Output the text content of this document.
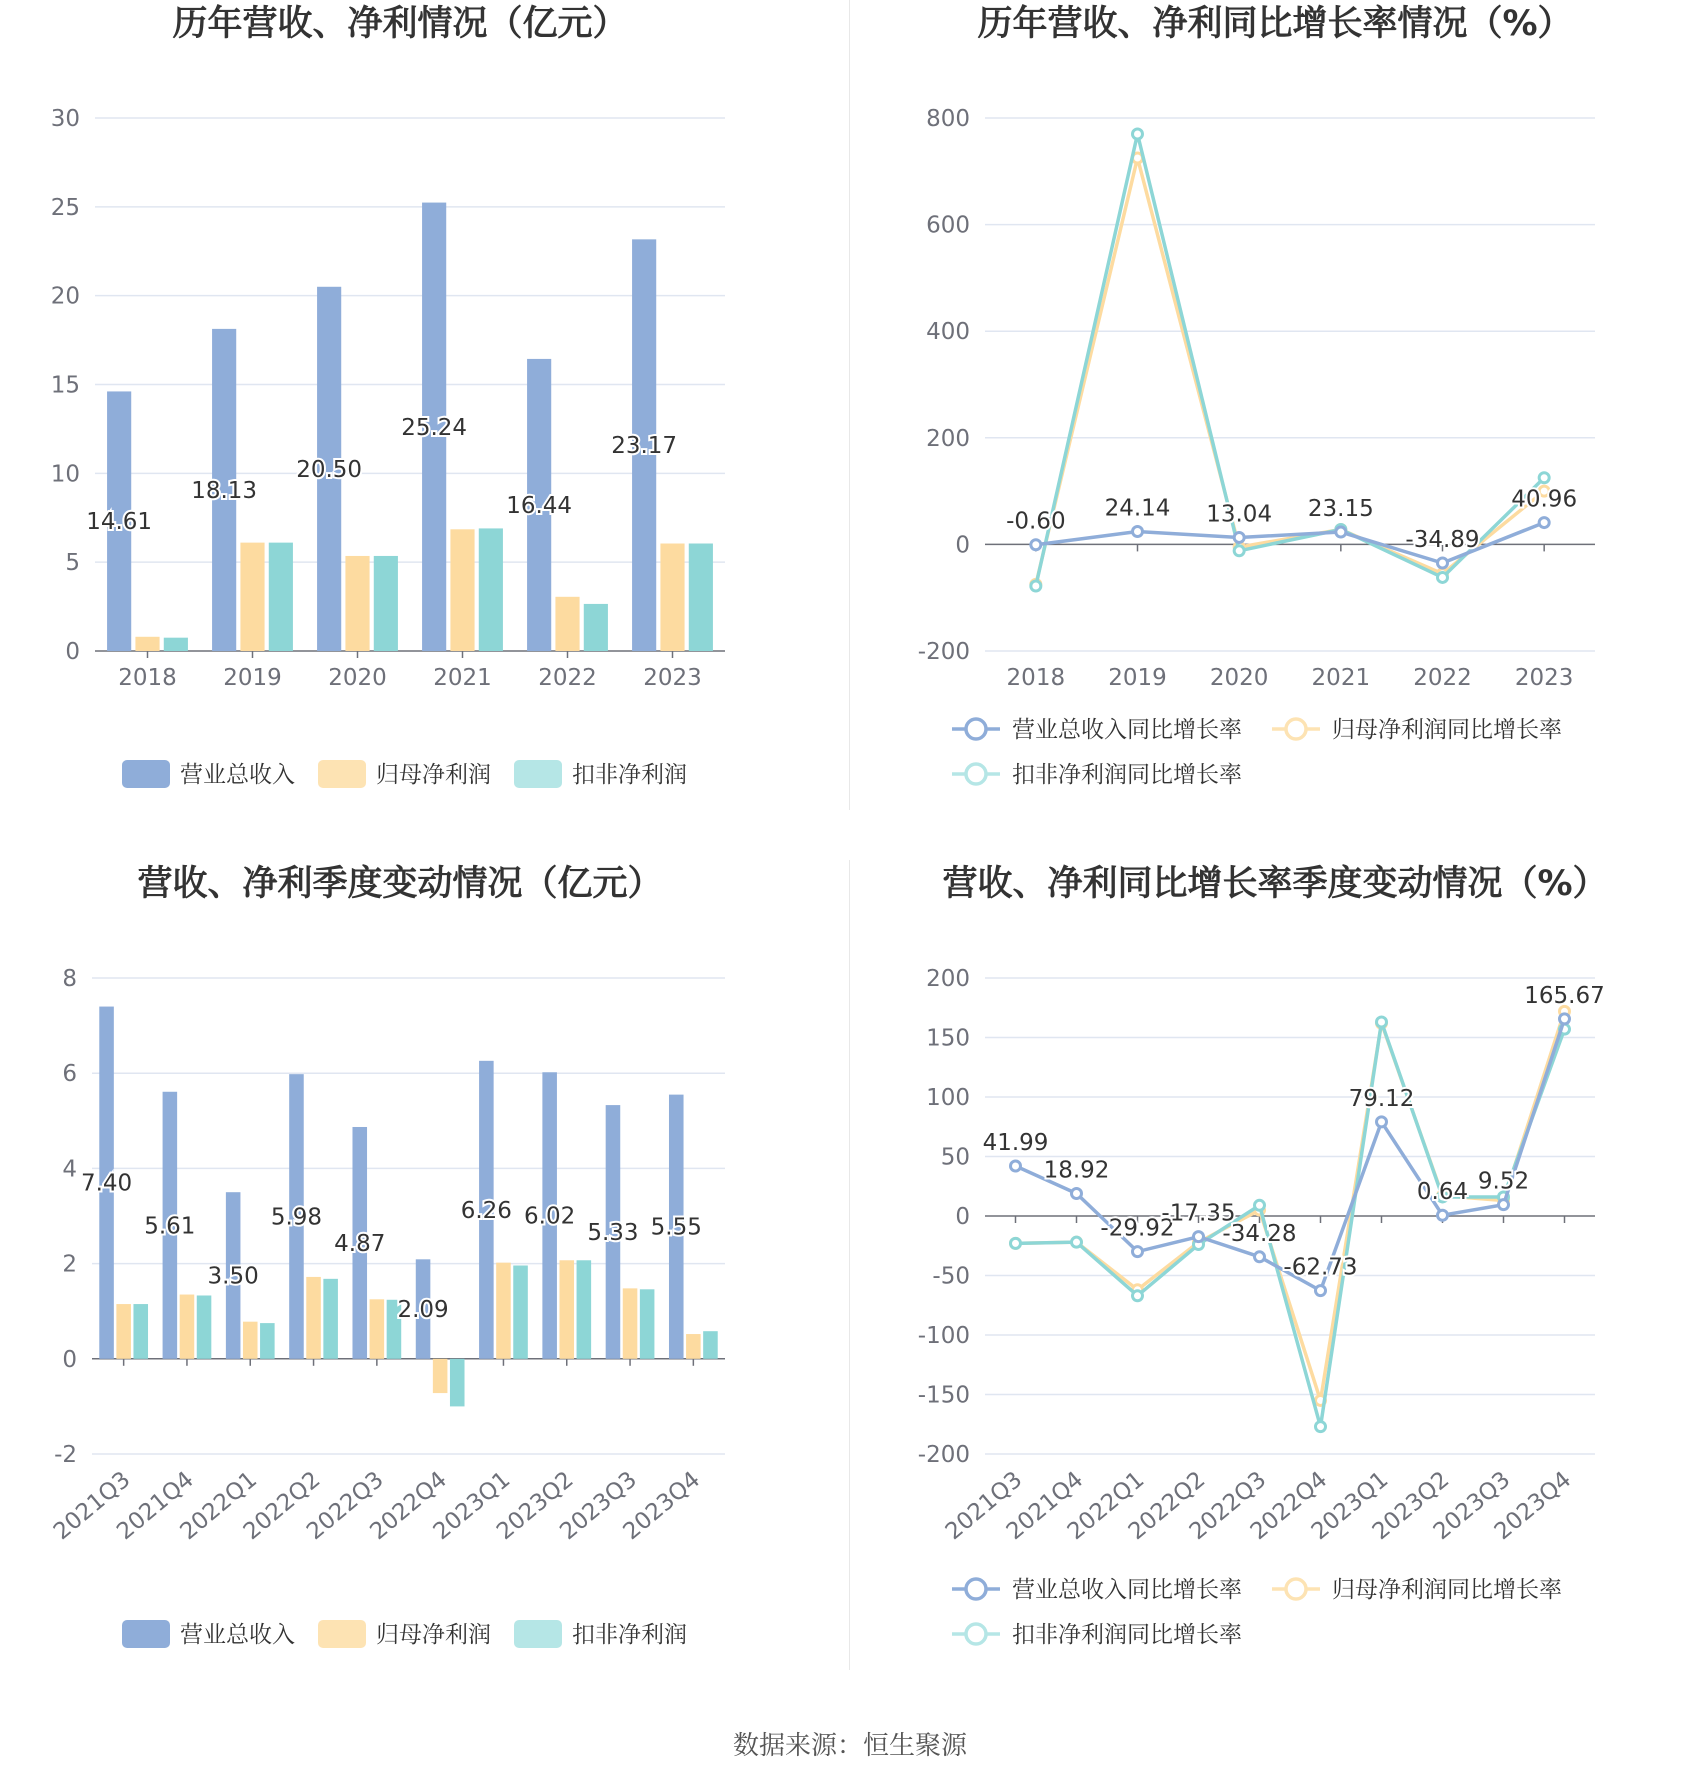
历年营收、净利情况（亿元）
0
5
10
15
20
25
30
2018 2019 2020 2021 2022 2023
14.61
18.13
20.50
25.24
16.44
23.17
营业总收入	归母净利润	扣非净利润
历年营收、净利同比增长率情况（%）
-200
0
200
400
600
800
2018 2019 2020 2021 2022 2023
-0.60
24.14 13.04 23.15
-34.89
40.96
营业总收入同比增长率	归母净利润同比增长率
扣非净利润同比增长率
营收、净利季度变动情况（亿元）
-2
0
2
4
6
8
2021Q3
2021Q4
2022Q1
2022Q2
2022Q3
2022Q4
2023Q1
2023Q2
2023Q3
2023Q4
7.40
5.61
3.50
5.98
4.87
2.09
6.26 6.02
5.33 5.55
营业总收入	归母净利润	扣非净利润
营收、净利同比增长率季度变动情况（%）
-200
-150
-100
-50
0
50
100
150
200
2021Q3
2021Q4
2022Q1
2022Q2
2022Q3
2022Q4
2023Q1
2023Q2
2023Q3
2023Q4
41.99
18.92
-29.92
-17.35
-34.28
-62.73
79.12
0.64 9.52
165.67
营业总收入同比增长率	归母净利润同比增长率
扣非净利润同比增长率
数据来源：恒生聚源
